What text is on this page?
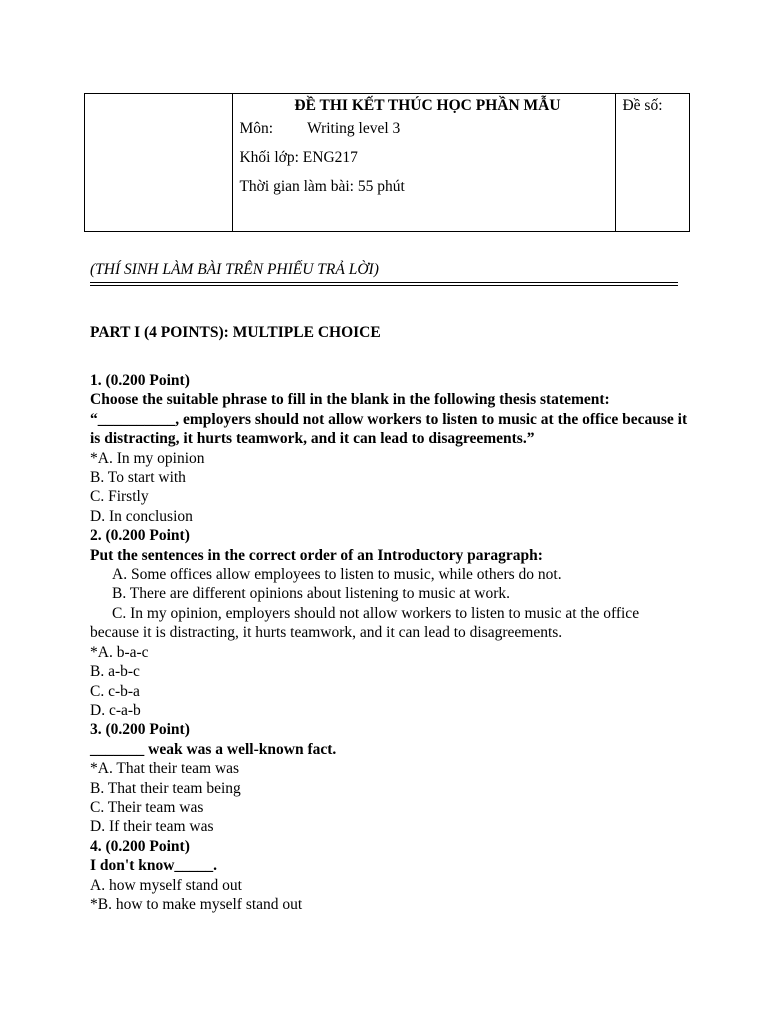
ĐỀ THI KẾT THÚC HỌC PHẦN MẪU
Môn: Writing level 3
Khối lớp: ENG217
Thời gian làm bài: 55 phút
	Đề số:
(THÍ SINH LÀM BÀI TRÊN PHIẾU TRẢ LỜI)
PART I (4 POINTS): MULTIPLE CHOICE
1. (0.200 Point)
Choose the suitable phrase to fill in the blank in the following thesis statement: “__________, employers should not allow workers to listen to music at the office because it is distracting, it hurts teamwork, and it can lead to disagreements.”
*A. In my opinion
B. To start with
C. Firstly
D. In conclusion
2. (0.200 Point)
Put the sentences in the correct order of an Introductory paragraph:
A. Some offices allow employees to listen to music, while others do not.
B. There are different opinions about listening to music at work.
C. In my opinion, employers should not allow workers to listen to music at the office because it is distracting, it hurts teamwork, and it can lead to disagreements.
*A. b-a-c
B. a-b-c
C. c-b-a
D. c-a-b
3. (0.200 Point)
_______ weak was a well-known fact.
*A. That their team was
B. That their team being
C. Their team was
D. If their team was
4. (0.200 Point)
I don't know_____.
A. how myself stand out
*B. how to make myself stand out
